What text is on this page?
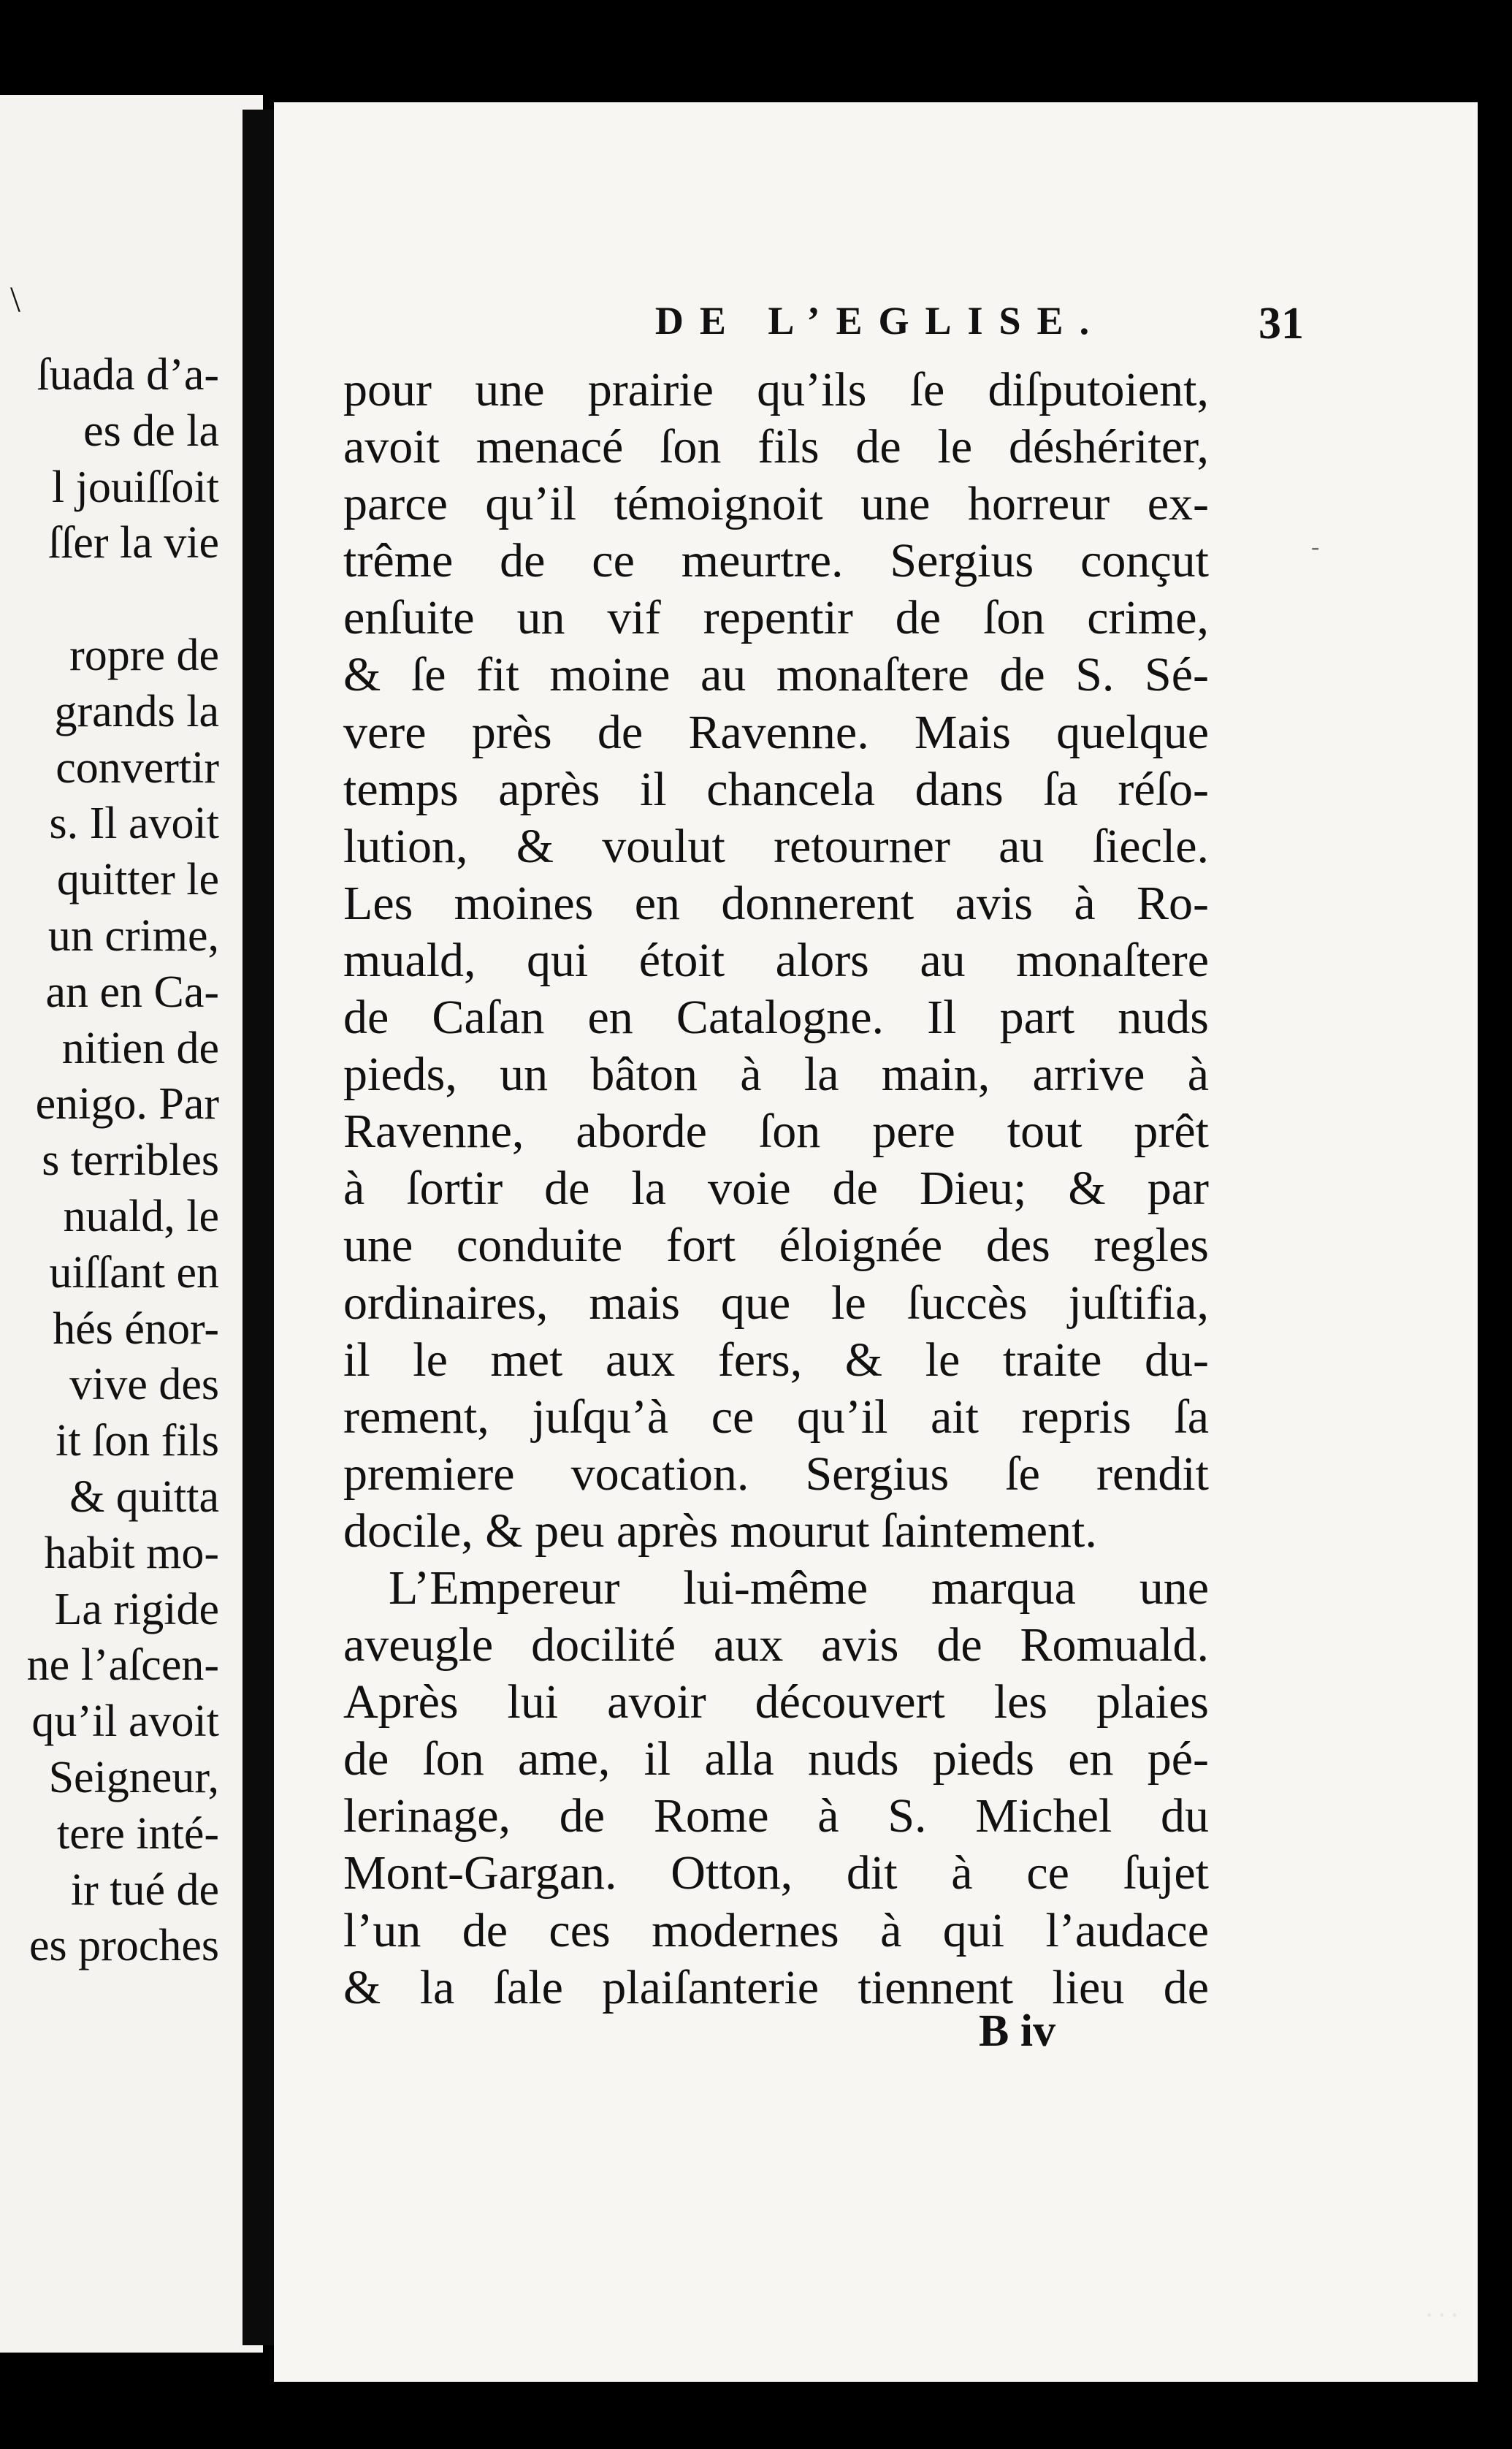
\
ſuada d’a-
es de la
l jouiſſoit
ſſer la vie
ropre de
grands la
convertir
s. Il avoit
quitter le
un crime,
an en Ca-
nitien de
enigo. Par
s terribles
nuald, le
uiſſant en
hés énor-
vive des
it ſon fils
& quitta
habit mo-
La rigide
ne l’aſcen-
qu’il avoit
Seigneur,
tere inté-
ir tué de
es proches
DE L’EGLISE.	31
-
pour une prairie qu’ils ſe diſputoient,
avoit menacé ſon fils de le déshériter,
parce qu’il témoignoit une horreur ex-
trême de ce meurtre. Sergius conçut
enſuite un vif repentir de ſon crime,
& ſe fit moine au monaſtere de S. Sé-
vere près de Ravenne. Mais quelque
temps après il chancela dans ſa réſo-
lution, & voulut retourner au ſiecle.
Les moines en donnerent avis à Ro-
muald, qui étoit alors au monaſtere
de Caſan en Catalogne. Il part nuds
pieds, un bâton à la main, arrive à
Ravenne, aborde ſon pere tout prêt
à ſortir de la voie de Dieu; & par
une conduite fort éloignée des regles
ordinaires, mais que le ſuccès juſtifia,
il le met aux fers, & le traite du-
rement, juſqu’à ce qu’il ait repris ſa
premiere vocation. Sergius ſe rendit
docile, & peu après mourut ſaintement.
L’Empereur lui-même marqua une
aveugle docilité aux avis de Romuald.
Après lui avoir découvert les plaies
de ſon ame, il alla nuds pieds en pé-
lerinage, de Rome à S. Michel du
Mont-Gargan. Otton, dit à ce ſujet
l’un de ces modernes à qui l’audace
& la ſale plaiſanterie tiennent lieu de
B iv
···
